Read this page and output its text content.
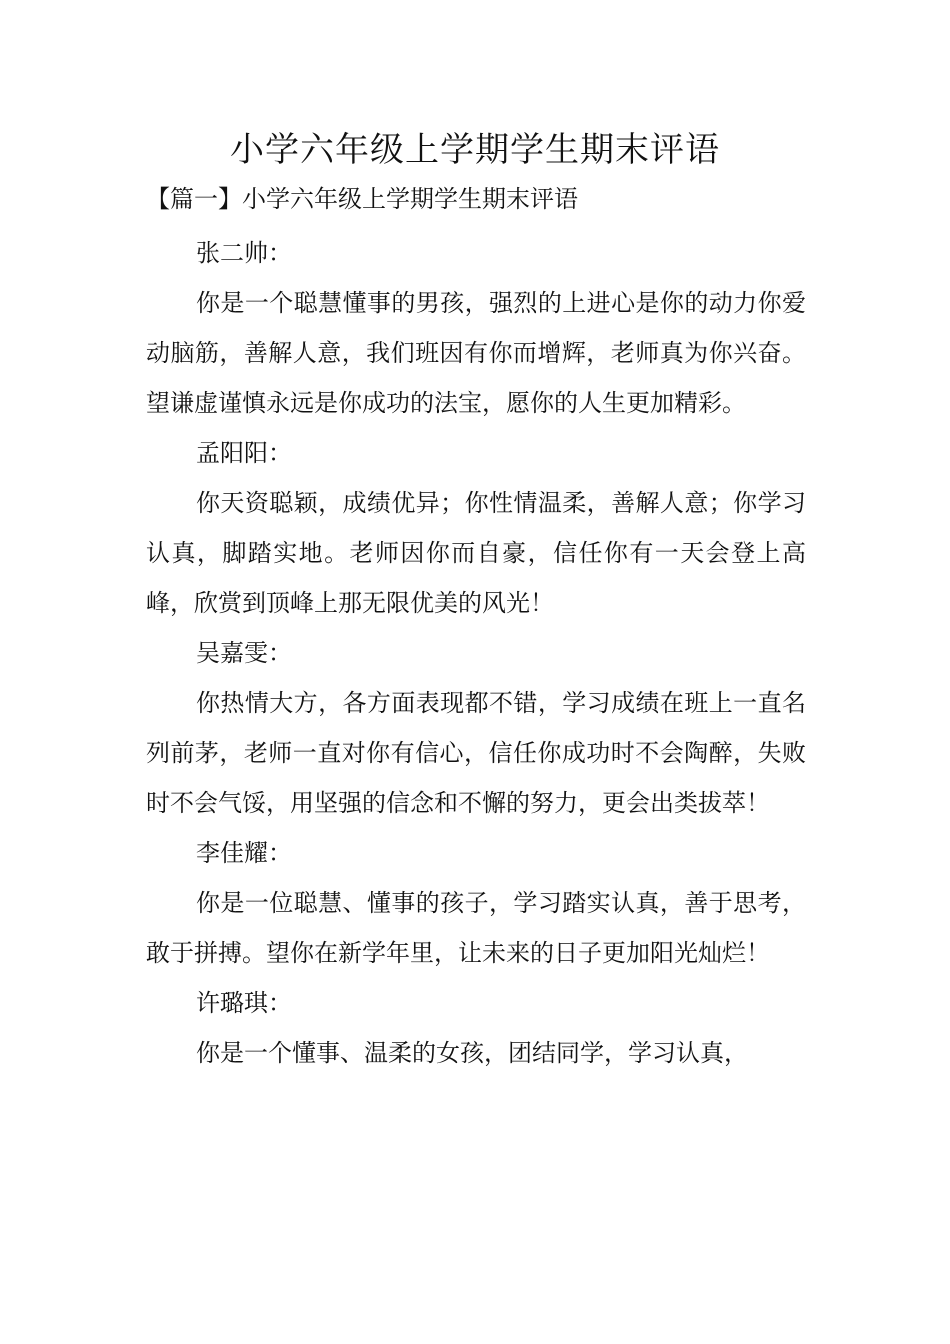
小学六年级上学期学生期末评语
【篇一】小学六年级上学期学生期末评语

张二帅：

你是一个聪慧懂事的男孩，强烈的上进心是你的动力你爱动脑筋，善解人意，我们班因有你而增辉，老师真为你兴奋。望谦虚谨慎永远是你成功的法宝，愿你的人生更加精彩。

孟阳阳：

你天资聪颖，成绩优异；你性情温柔，善解人意；你学习认真，脚踏实地。老师因你而自豪，信任你有一天会登上高峰，欣赏到顶峰上那无限优美的风光！

吴嘉雯：

你热情大方，各方面表现都不错，学习成绩在班上一直名列前茅，老师一直对你有信心，信任你成功时不会陶醉，失败时不会气馁，用坚强的信念和不懈的努力，更会出类拔萃！

李佳耀：

你是一位聪慧、懂事的孩子，学习踏实认真，善于思考，敢于拼搏。望你在新学年里，让未来的日子更加阳光灿烂！

许璐琪：

你是一个懂事、温柔的女孩，团结同学，学习认真，
